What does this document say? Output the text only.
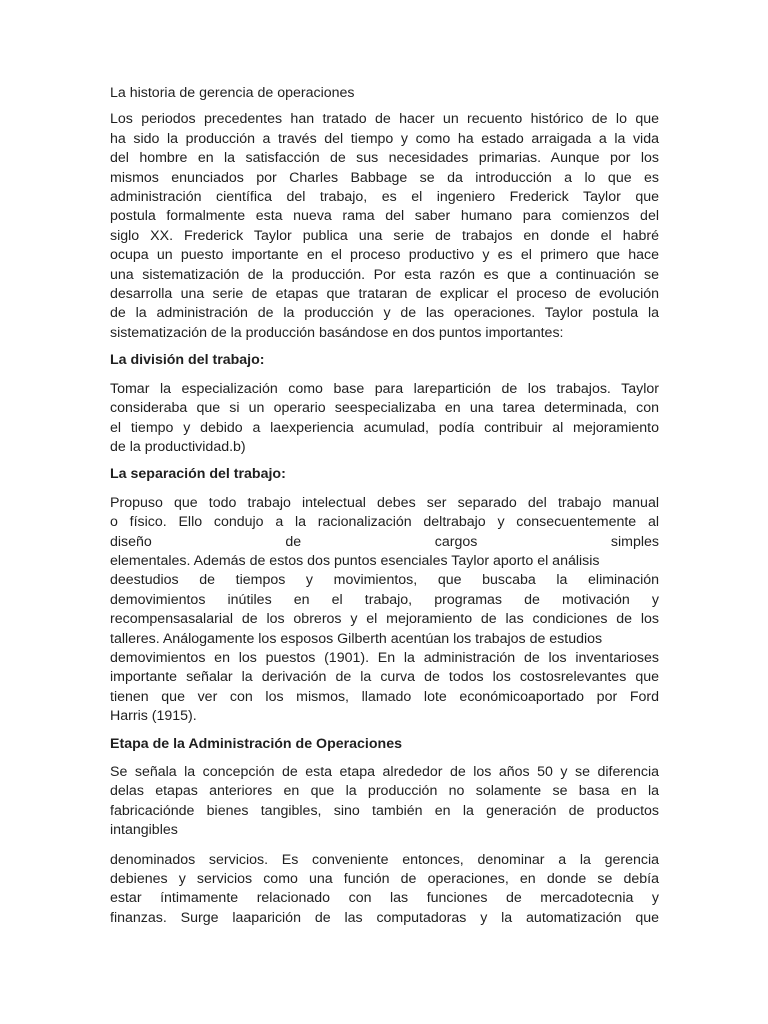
La historia de gerencia de operaciones

Los periodos precedentes han tratado de hacer un recuento histórico de lo que
ha sido la producción a través del tiempo y como ha estado arraigada a la vida
del hombre en la satisfacción de sus necesidades primarias. Aunque por los
mismos enunciados por Charles Babbage se da introducción a lo que es
administración científica del trabajo, es el ingeniero Frederick Taylor que
postula formalmente esta nueva rama del saber humano para comienzos del
siglo XX. Frederick Taylor publica una serie de trabajos en donde el habré
ocupa un puesto importante en el proceso productivo y es el primero que hace
una sistematización de la producción. Por esta razón es que a continuación se
desarrolla una serie de etapas que trataran de explicar el proceso de evolución
de la administración de la producción y de las operaciones. Taylor postula la
sistematización de la producción basándose en dos puntos importantes:

La división del trabajo:

Tomar la especialización como base para larepartición de los trabajos. Taylor
consideraba que si un operario seespecializaba en una tarea determinada, con
el tiempo y debido a laexperiencia acumulad, podía contribuir al mejoramiento
de la productividad.b)

La separación del trabajo:

Propuso que todo trabajo intelectual debes ser separado del trabajo manual
o físico. Ello condujo a la racionalización deltrabajo y consecuentemente al
diseño de cargos simples
elementales. Además de estos dos puntos esenciales Taylor aporto el análisis
deestudios de tiempos y movimientos, que buscaba la eliminación
demovimientos inútiles en el trabajo, programas de motivación y
recompensasalarial de los obreros y el mejoramiento de las condiciones de los
talleres. Análogamente los esposos Gilberth acentúan los trabajos de estudios
demovimientos en los puestos (1901). En la administración de los inventarioses
importante señalar la derivación de la curva de todos los costosrelevantes que
tienen que ver con los mismos, llamado lote económicoaportado por Ford
Harris (1915).

Etapa de la Administración de Operaciones

Se señala la concepción de esta etapa alrededor de los años 50 y se diferencia
delas etapas anteriores en que la producción no solamente se basa en la
fabricaciónde bienes tangibles, sino también en la generación de productos
intangibles

denominados servicios. Es conveniente entonces, denominar a la gerencia
debienes y servicios como una función de operaciones, en donde se debía
estar íntimamente relacionado con las funciones de mercadotecnia y
finanzas. Surge laaparición de las computadoras y la automatización que
